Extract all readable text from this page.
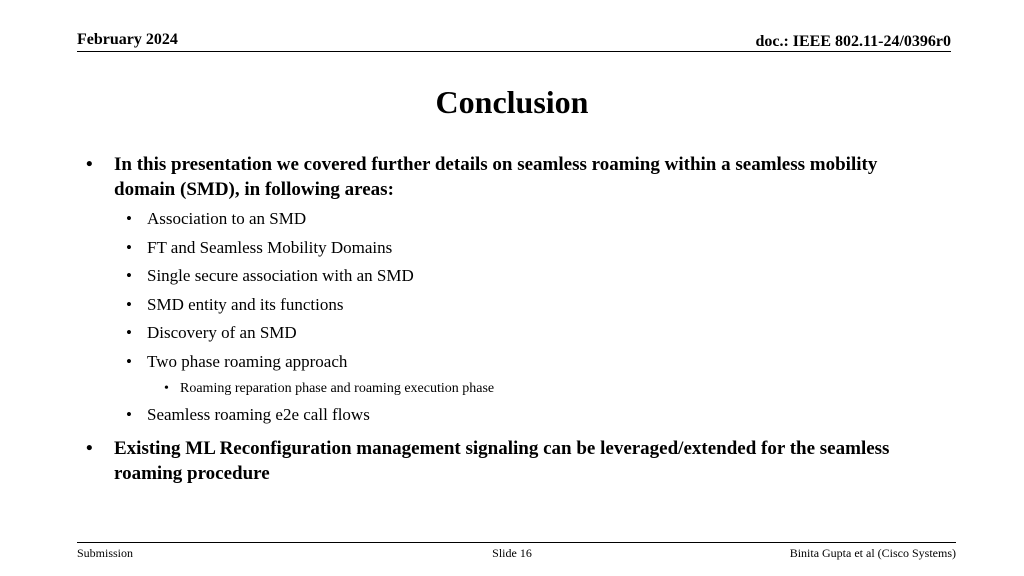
February 2024	doc.: IEEE 802.11-24/0396r0
Conclusion
• In this presentation we covered further details on seamless roaming within a seamless mobility domain (SMD), in following areas:
• Association to an SMD
• FT and Seamless Mobility Domains
• Single secure association with an SMD
• SMD entity and its functions
• Discovery of an SMD
• Two phase roaming approach
• Roaming reparation phase and roaming execution phase
• Seamless roaming e2e call flows
• Existing ML Reconfiguration management signaling can be leveraged/extended for the seamless roaming procedure
Submission	Slide 16	Binita Gupta et al (Cisco Systems)
